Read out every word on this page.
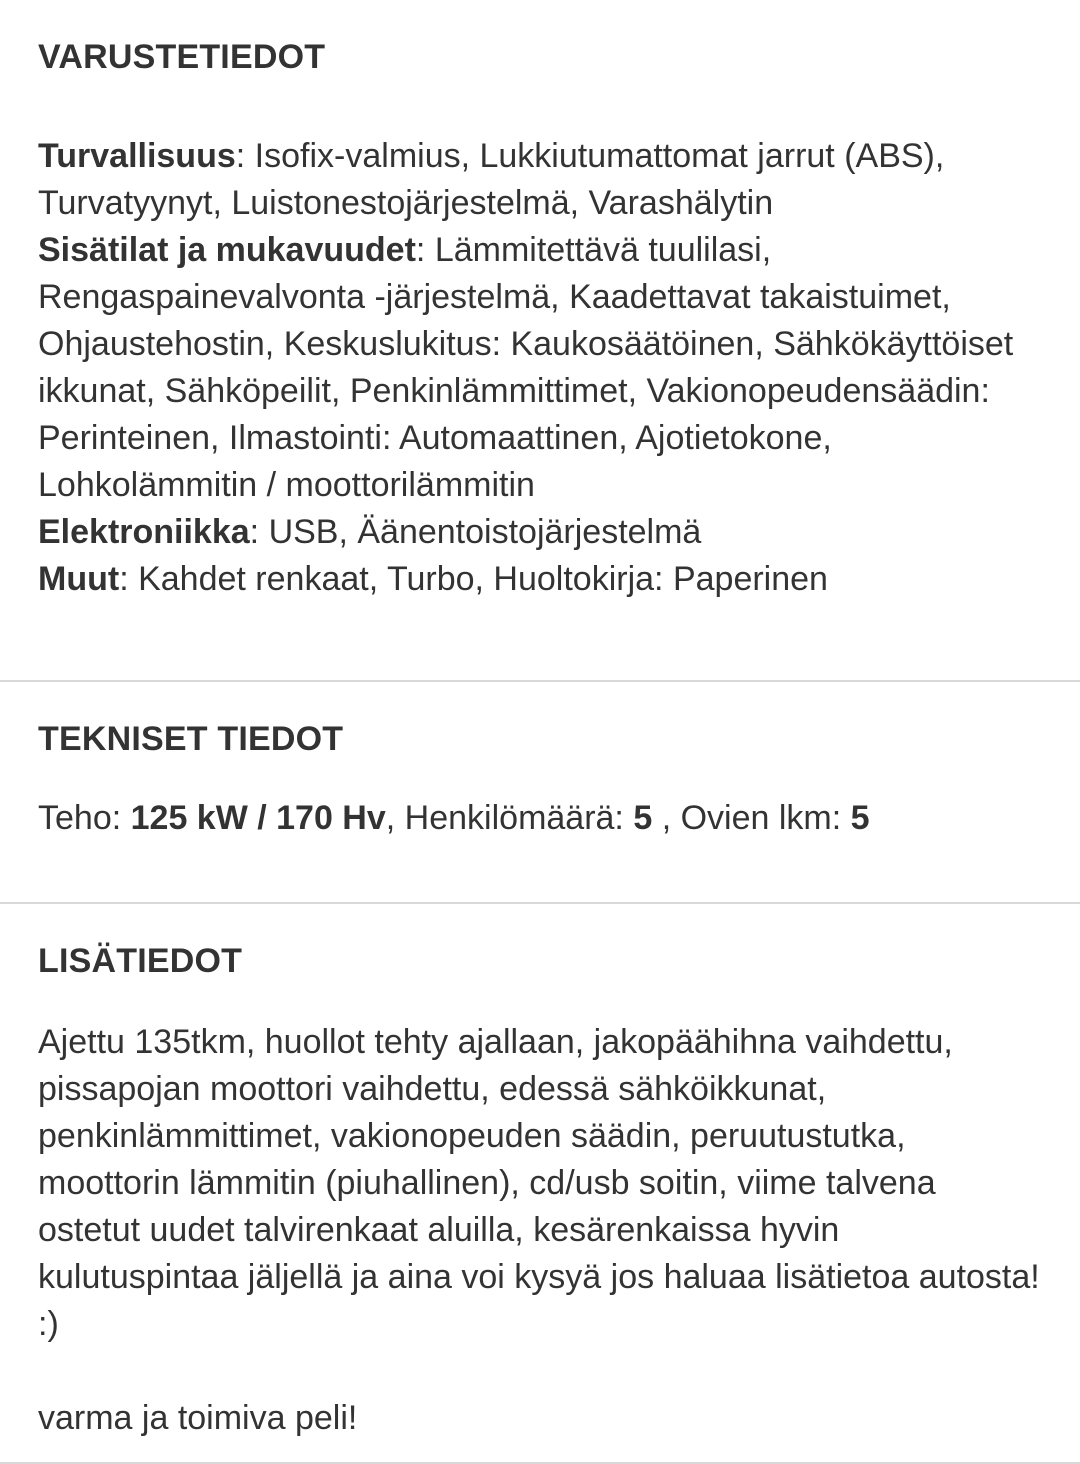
VARUSTETIEDOT

Turvallisuus: Isofix-valmius, Lukkiutumattomat jarrut (ABS), Turvatyynyt, Luistonestojärjestelmä, Varashälytin
Sisätilat ja mukavuudet: Lämmitettävä tuulilasi, Rengaspainevalvonta -järjestelmä, Kaadettavat takaistuimet, Ohjaustehostin, Keskuslukitus: Kaukosäätöinen, Sähkökäyttöiset ikkunat, Sähköpeilit, Penkinlämmittimet, Vakionopeudensäädin: Perinteinen, Ilmastointi: Automaattinen, Ajotietokone, Lohkolämmitin / moottorilämmitin
Elektroniikka: USB, Äänentoistojärjestelmä
Muut: Kahdet renkaat, Turbo, Huoltokirja: Paperinen

TEKNISET TIEDOT

Teho: 125 kW / 170 Hv, Henkilömäärä: 5 , Ovien lkm: 5

LISÄTIEDOT

Ajettu 135tkm, huollot tehty ajallaan, jakopäähihna vaihdettu, pissapojan moottori vaihdettu, edessä sähköikkunat, penkinlämmittimet, vakionopeuden säädin, peruutustutka, moottorin lämmitin (piuhallinen), cd/usb soitin, viime talvena ostetut uudet talvirenkaat aluilla, kesärenkaissa hyvin kulutuspintaa jäljellä ja aina voi kysyä jos haluaa lisätietoa autosta! :)

varma ja toimiva peli!
